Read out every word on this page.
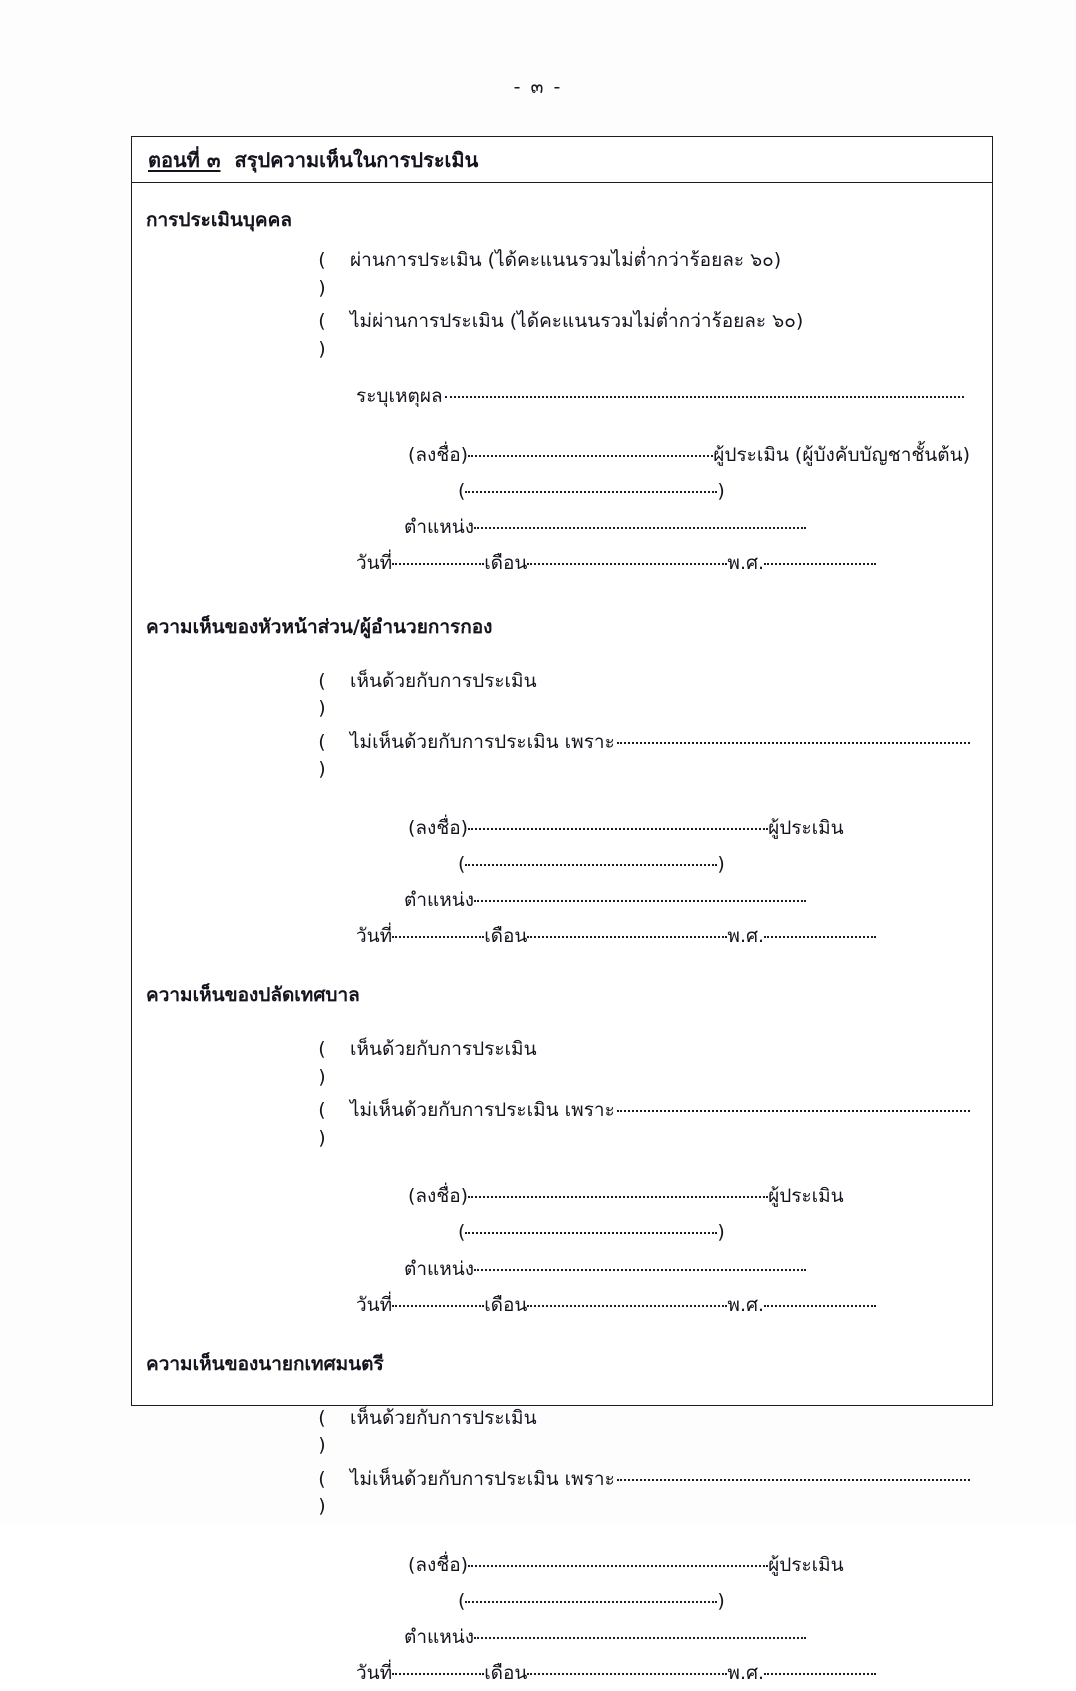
- ๓ -
ตอนที่ ๓ สรุปความเห็นในการประเมิน
การประเมินบุคคล
( )
ผ่านการประเมิน (ได้คะแนนรวมไม่ต่ำกว่าร้อยละ ๖๐)
( )
ไม่ผ่านการประเมิน (ได้คะแนนรวมไม่ต่ำกว่าร้อยละ ๖๐)
ระบุเหตุผล
(ลงชื่อ)	ผู้ประเมิน (ผู้บังคับบัญชาชั้นต้น)
(	)
ตำแหน่ง
วันที่	เดือน	พ.ศ.
ความเห็นของหัวหน้าส่วน/ผู้อำนวยการกอง
( )
เห็นด้วยกับการประเมิน
( )
ไม่เห็นด้วยกับการประเมิน เพราะ
(ลงชื่อ)	ผู้ประเมิน
(	)
ตำแหน่ง
วันที่	เดือน	พ.ศ.
ความเห็นของปลัดเทศบาล
( )
เห็นด้วยกับการประเมิน
( )
ไม่เห็นด้วยกับการประเมิน เพราะ
(ลงชื่อ)	ผู้ประเมิน
(	)
ตำแหน่ง
วันที่	เดือน	พ.ศ.
ความเห็นของนายกเทศมนตรี
( )
เห็นด้วยกับการประเมิน
( )
ไม่เห็นด้วยกับการประเมิน เพราะ
(ลงชื่อ)	ผู้ประเมิน
(	)
ตำแหน่ง
วันที่	เดือน	พ.ศ.
